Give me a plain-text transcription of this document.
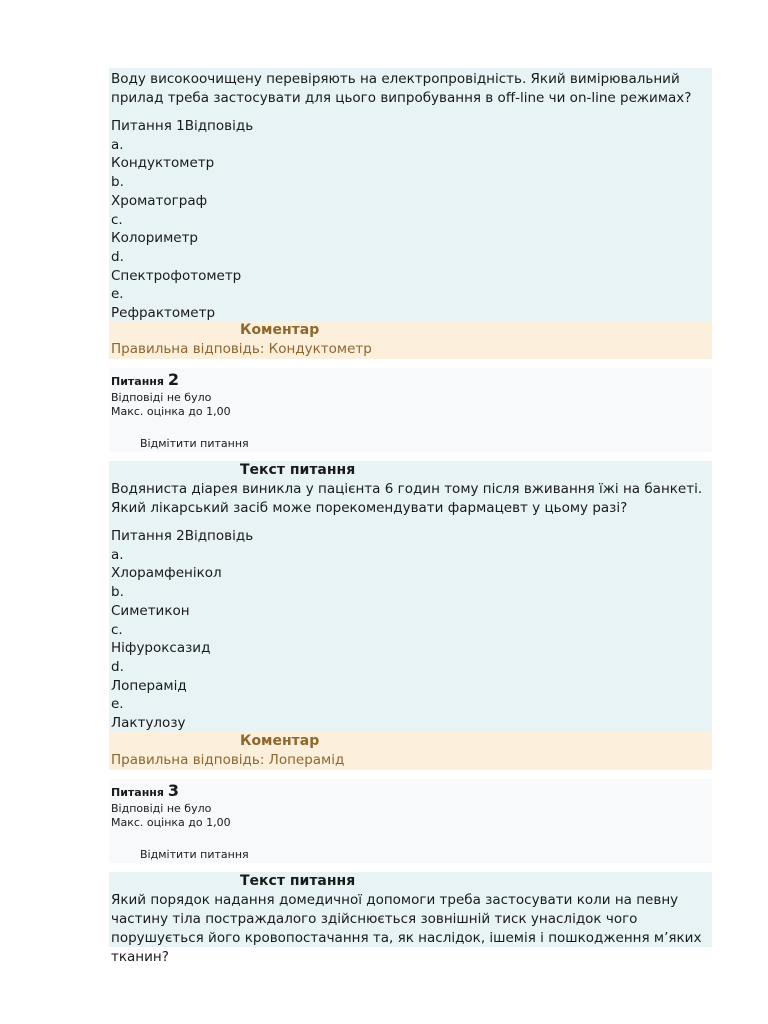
Воду високоочищену перевіряють на електропровідність. Який вимірювальний прилад треба застосувати для цього випробування в off-line чи on-line режимах?
Питання 1Відповідь
a.
Кондуктометр
b.
Хроматограф
c.
Колориметр
d.
Спектрофотометр
e.
Рефрактометр
Коментар
Правильна відповідь: Кондуктометр
Питання 2
Відповіді не було
Макс. оцінка до 1,00
Відмітити питання
Текст питання
Водяниста діарея виникла у пацієнта 6 годин тому після вживання їжі на банкеті. Який лікарський засіб може порекомендувати фармацевт у цьому разі?
Питання 2Відповідь
a.
Хлорамфенікол
b.
Симетикон
c.
Ніфуроксазид
d.
Лоперамід
e.
Лактулозу
Коментар
Правильна відповідь: Лоперамід
Питання 3
Відповіді не було
Макс. оцінка до 1,00
Відмітити питання
Текст питання
Який порядок надання домедичної допомоги треба застосувати коли на певну частину тіла постраждалого здійснюється зовнішній тиск унаслідок чого порушується його кровопостачання та, як наслідок, ішемія і пошкодження м’яких тканин?
